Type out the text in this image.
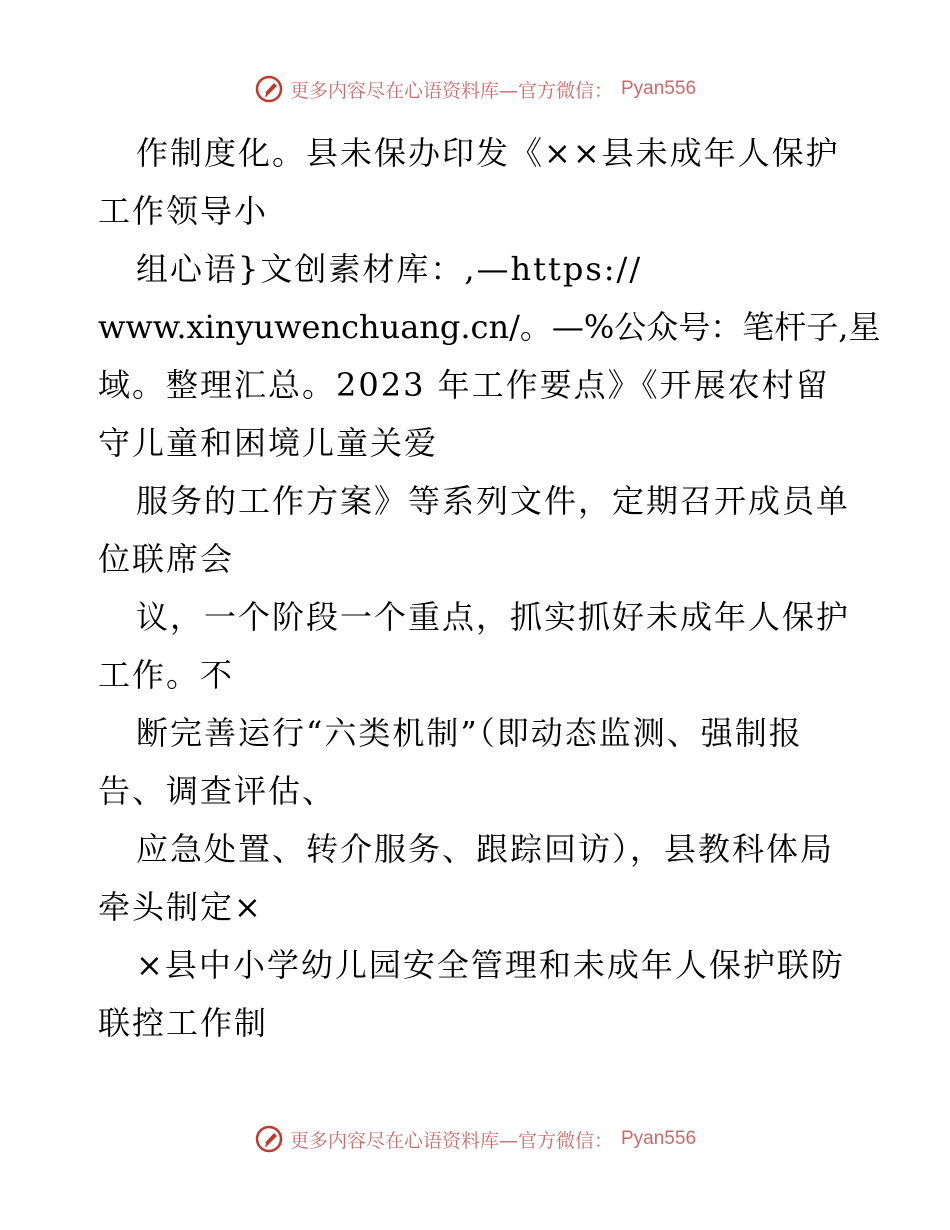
更多内容尽在心语资料库—官方微信： Pyan556
作制度化。县未保办印发《××县未成年人保护
工作领导小
组心语}文创素材库：,—https://
www.xinyuwenchuang.cn/。—%公众号：笔杆子,星
域。整理汇总。2023 年工作要点》《开展农村留
守儿童和困境儿童关爱
服务的工作方案》等系列文件，定期召开成员单
位联席会
议，一个阶段一个重点，抓实抓好未成年人保护
工作。不
断完善运行“六类机制”（即动态监测、强制报
告、调查评估、
应急处置、转介服务、跟踪回访），县教科体局
牵头制定×
×县中小学幼儿园安全管理和未成年人保护联防
联控工作制
更多内容尽在心语资料库—官方微信： Pyan556
